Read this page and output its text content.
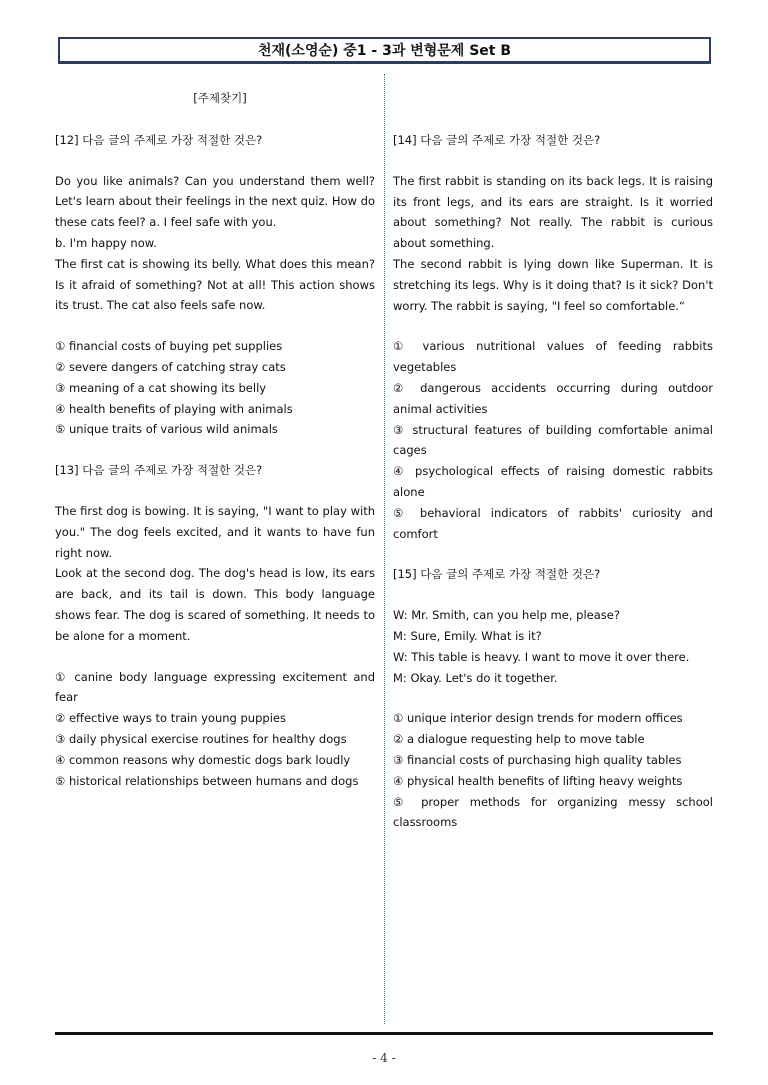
천재(소영순) 중1 - 3과 변형문제 Set B

[주제찾기]

[12] 다음 글의 주제로 가장 적절한 것은?

Do you like animals? Can you understand them well? Let's learn about their feelings in the next quiz. How do these cats feel? a. I feel safe with you.

b. I'm happy now.

The first cat is showing its belly. What does this mean? Is it afraid of something? Not at all! This action shows its trust. The cat also feels safe now.

① financial costs of buying pet supplies

② severe dangers of catching stray cats

③ meaning of a cat showing its belly

④ health benefits of playing with animals

⑤ unique traits of various wild animals

[13] 다음 글의 주제로 가장 적절한 것은?

The first dog is bowing. It is saying, "I want to play with you." The dog feels excited, and it wants to have fun right now.

Look at the second dog. The dog's head is low, its ears are back, and its tail is down. This body language shows fear. The dog is scared of something. It needs to be alone for a moment.

① canine body language expressing excitement and fear

② effective ways to train young puppies

③ daily physical exercise routines for healthy dogs

④ common reasons why domestic dogs bark loudly

⑤ historical relationships between humans and dogs

[14] 다음 글의 주제로 가장 적절한 것은?

The first rabbit is standing on its back legs. It is raising its front legs, and its ears are straight. Is it worried about something? Not really. The rabbit is curious about something.

The second rabbit is lying down like Superman. It is stretching its legs. Why is it doing that? Is it sick? Don't worry. The rabbit is saying, "I feel so comfortable.“

① various nutritional values of feeding rabbits vegetables

② dangerous accidents occurring during outdoor animal activities

③ structural features of building comfortable animal cages

④ psychological effects of raising domestic rabbits alone

⑤ behavioral indicators of rabbits' curiosity and comfort

[15] 다음 글의 주제로 가장 적절한 것은?

W: Mr. Smith, can you help me, please?

M: Sure, Emily. What is it?

W: This table is heavy. I want to move it over there.

M: Okay. Let's do it together.

① unique interior design trends for modern offices

② a dialogue requesting help to move table

③ financial costs of purchasing high quality tables

④ physical health benefits of lifting heavy weights

⑤ proper methods for organizing messy school classrooms

- 4 -
